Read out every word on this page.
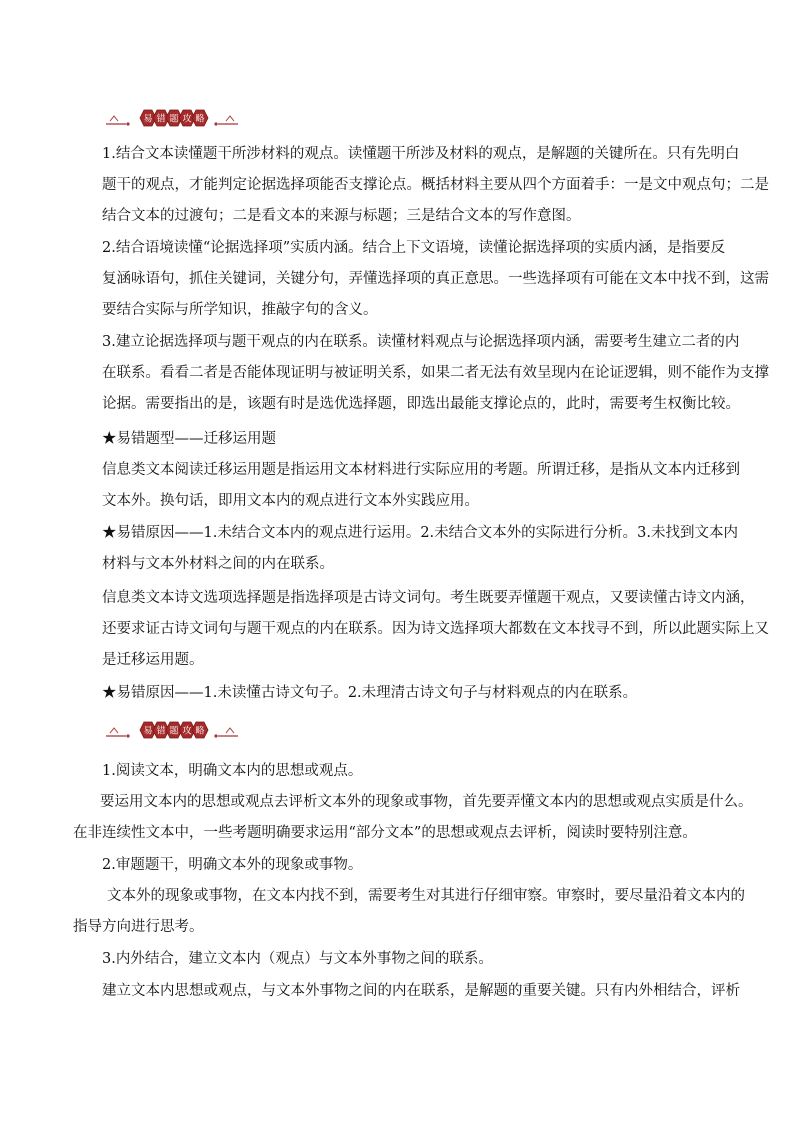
易 错 题 攻 略

1.结合文本读懂题干所涉材料的观点。读懂题干所涉及材料的观点，是解题的关键所在。只有先明白
题干的观点，才能判定论据选择项能否支撑论点。概括材料主要从四个方面着手：一是文中观点句；二是
结合文本的过渡句；二是看文本的来源与标题；三是结合文本的写作意图。

2.结合语境读懂“论据选择项”实质内涵。结合上下文语境，读懂论据选择项的实质内涵，是指要反
复涵咏语句，抓住关键词，关键分句，弄懂选择项的真正意思。一些选择项有可能在文本中找不到，这需
要结合实际与所学知识，推敲字句的含义。

3.建立论据选择项与题干观点的内在联系。读懂材料观点与论据选择项内涵，需要考生建立二者的内
在联系。看看二者是否能体现证明与被证明关系，如果二者无法有效呈现内在论证逻辑，则不能作为支撑
论据。需要指出的是，该题有时是选优选择题，即选出最能支撑论点的，此时，需要考生权衡比较。

★易错题型——迁移运用题

信息类文本阅读迁移运用题是指运用文本材料进行实际应用的考题。所谓迁移，是指从文本内迁移到
文本外。换句话，即用文本内的观点进行文本外实践应用。

★易错原因——1.未结合文本内的观点进行运用。2.未结合文本外的实际进行分析。3.未找到文本内
材料与文本外材料之间的内在联系。

信息类文本诗文选项选择题是指选择项是古诗文词句。考生既要弄懂题干观点，又要读懂古诗文内涵，
还要求证古诗文词句与题干观点的内在联系。因为诗文选择项大都数在文本找寻不到，所以此题实际上又
是迁移运用题。

★易错原因——1.未读懂古诗文句子。2.未理清古诗文句子与材料观点的内在联系。

易 错 题 攻 略

1.阅读文本，明确文本内的思想或观点。

要运用文本内的思想或观点去评析文本外的现象或事物，首先要弄懂文本内的思想或观点实质是什么。
在非连续性文本中，一些考题明确要求运用“部分文本”的思想或观点去评析，阅读时要特别注意。

2.审题题干，明确文本外的现象或事物。

文本外的现象或事物，在文本内找不到，需要考生对其进行仔细审察。审察时，要尽量沿着文本内的
指导方向进行思考。

3.内外结合，建立文本内（观点）与文本外事物之间的联系。

建立文本内思想或观点，与文本外事物之间的内在联系，是解题的重要关键。只有内外相结合，评析
